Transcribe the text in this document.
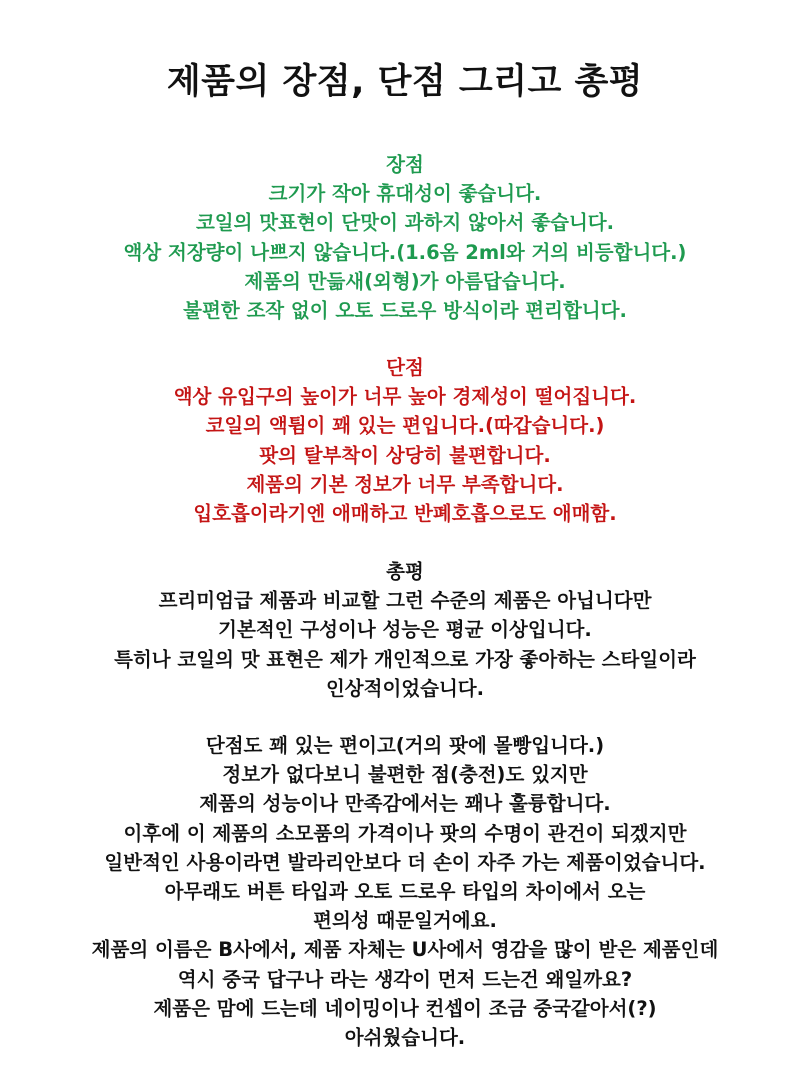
제품의 장점, 단점 그리고 총평
장점
크기가 작아 휴대성이 좋습니다.
코일의 맛표현이 단맛이 과하지 않아서 좋습니다.
액상 저장량이 나쁘지 않습니다.(1.6옴 2ml와 거의 비등합니다.)
제품의 만듦새(외형)가 아름답습니다.
불편한 조작 없이 오토 드로우 방식이라 편리합니다.
단점
액상 유입구의 높이가 너무 높아 경제성이 떨어집니다.
코일의 액튐이 꽤 있는 편입니다.(따갑습니다.)
팟의 탈부착이 상당히 불편합니다.
제품의 기본 정보가 너무 부족합니다.
입호흡이라기엔 애매하고 반폐호흡으로도 애매함.
총평
프리미엄급 제품과 비교할 그런 수준의 제품은 아닙니다만
기본적인 구성이나 성능은 평균 이상입니다.
특히나 코일의 맛 표현은 제가 개인적으로 가장 좋아하는 스타일이라
인상적이었습니다.
단점도 꽤 있는 편이고(거의 팟에 몰빵입니다.)
정보가 없다보니 불편한 점(충전)도 있지만
제품의 성능이나 만족감에서는 꽤나 훌륭합니다.
이후에 이 제품의 소모품의 가격이나 팟의 수명이 관건이 되겠지만
일반적인 사용이라면 발라리안보다 더 손이 자주 가는 제품이었습니다.
아무래도 버튼 타입과 오토 드로우 타입의 차이에서 오는
편의성 때문일거에요.
제품의 이름은 B사에서, 제품 자체는 U사에서 영감을 많이 받은 제품인데
역시 중국 답구나 라는 생각이 먼저 드는건 왜일까요?
제품은 맘에 드는데 네이밍이나 컨셉이 조금 중국같아서(?)
아쉬웠습니다.
